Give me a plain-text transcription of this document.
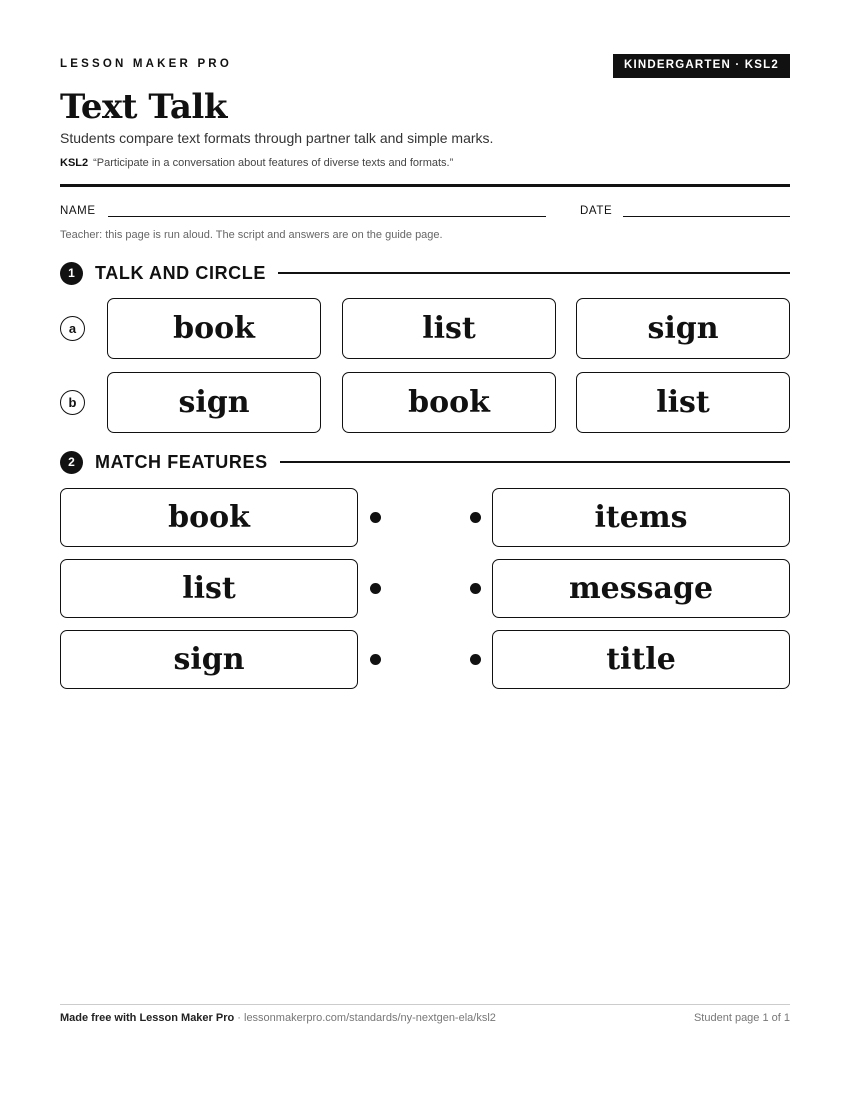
LESSON MAKER PRO	KINDERGARTEN · KSL2
Text Talk
Students compare text formats through partner talk and simple marks.
KSL2 “Participate in a conversation about features of diverse texts and formats.”
NAME	DATE
Teacher: this page is run aloud. The script and answers are on the guide page.
1	TALK AND CIRCLE
a	book	list	sign
b	sign	book	list
2	MATCH FEATURES
book	items
list	message
sign	title
Made free with Lesson Maker Pro · lessonmakerpro.com/standards/ny-nextgen-ela/ksl2	Student page 1 of 1
